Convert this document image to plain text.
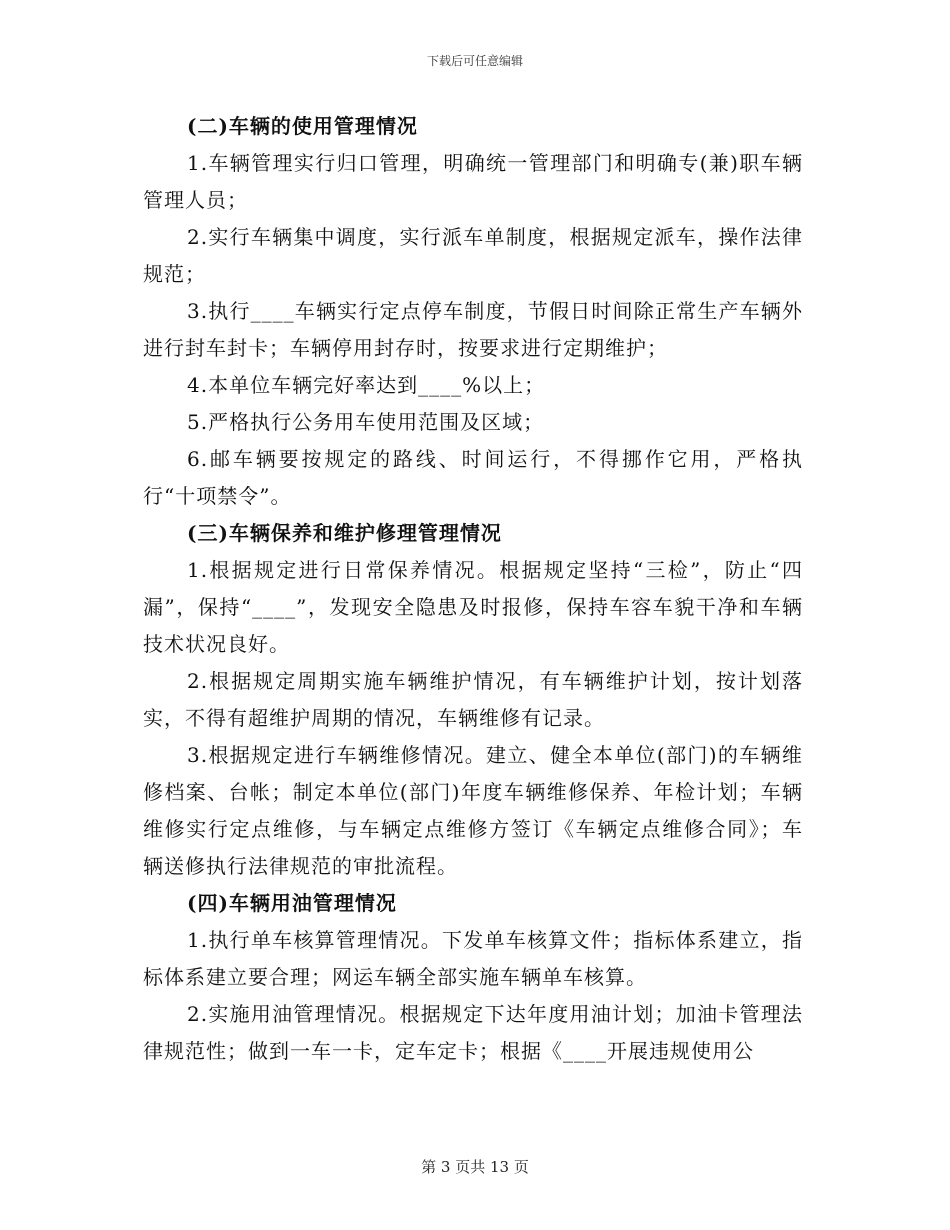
下载后可任意编辑

(二)车辆的使用管理情况

1.车辆管理实行归口管理，明确统一管理部门和明确专(兼)职车辆管理人员；

2.实行车辆集中调度，实行派车单制度，根据规定派车，操作法律规范；

3.执行____车辆实行定点停车制度，节假日时间除正常生产车辆外进行封车封卡；车辆停用封存时，按要求进行定期维护；

4.本单位车辆完好率达到____%以上；

5.严格执行公务用车使用范围及区域；

6.邮车辆要按规定的路线、时间运行，不得挪作它用，严格执行“十项禁令”。

(三)车辆保养和维护修理管理情况

1.根据规定进行日常保养情况。根据规定坚持“三检”，防止“四漏”，保持“____”，发现安全隐患及时报修，保持车容车貌干净和车辆技术状况良好。

2.根据规定周期实施车辆维护情况，有车辆维护计划，按计划落实，不得有超维护周期的情况，车辆维修有记录。

3.根据规定进行车辆维修情况。建立、健全本单位(部门)的车辆维修档案、台帐；制定本单位(部门)年度车辆维修保养、年检计划；车辆维修实行定点维修，与车辆定点维修方签订《车辆定点维修合同》；车辆送修执行法律规范的审批流程。

(四)车辆用油管理情况

1.执行单车核算管理情况。下发单车核算文件；指标体系建立，指标体系建立要合理；网运车辆全部实施车辆单车核算。

2.实施用油管理情况。根据规定下达年度用油计划；加油卡管理法律规范性；做到一车一卡，定车定卡；根据《____开展违规使用公

第 3 页共 13 页
